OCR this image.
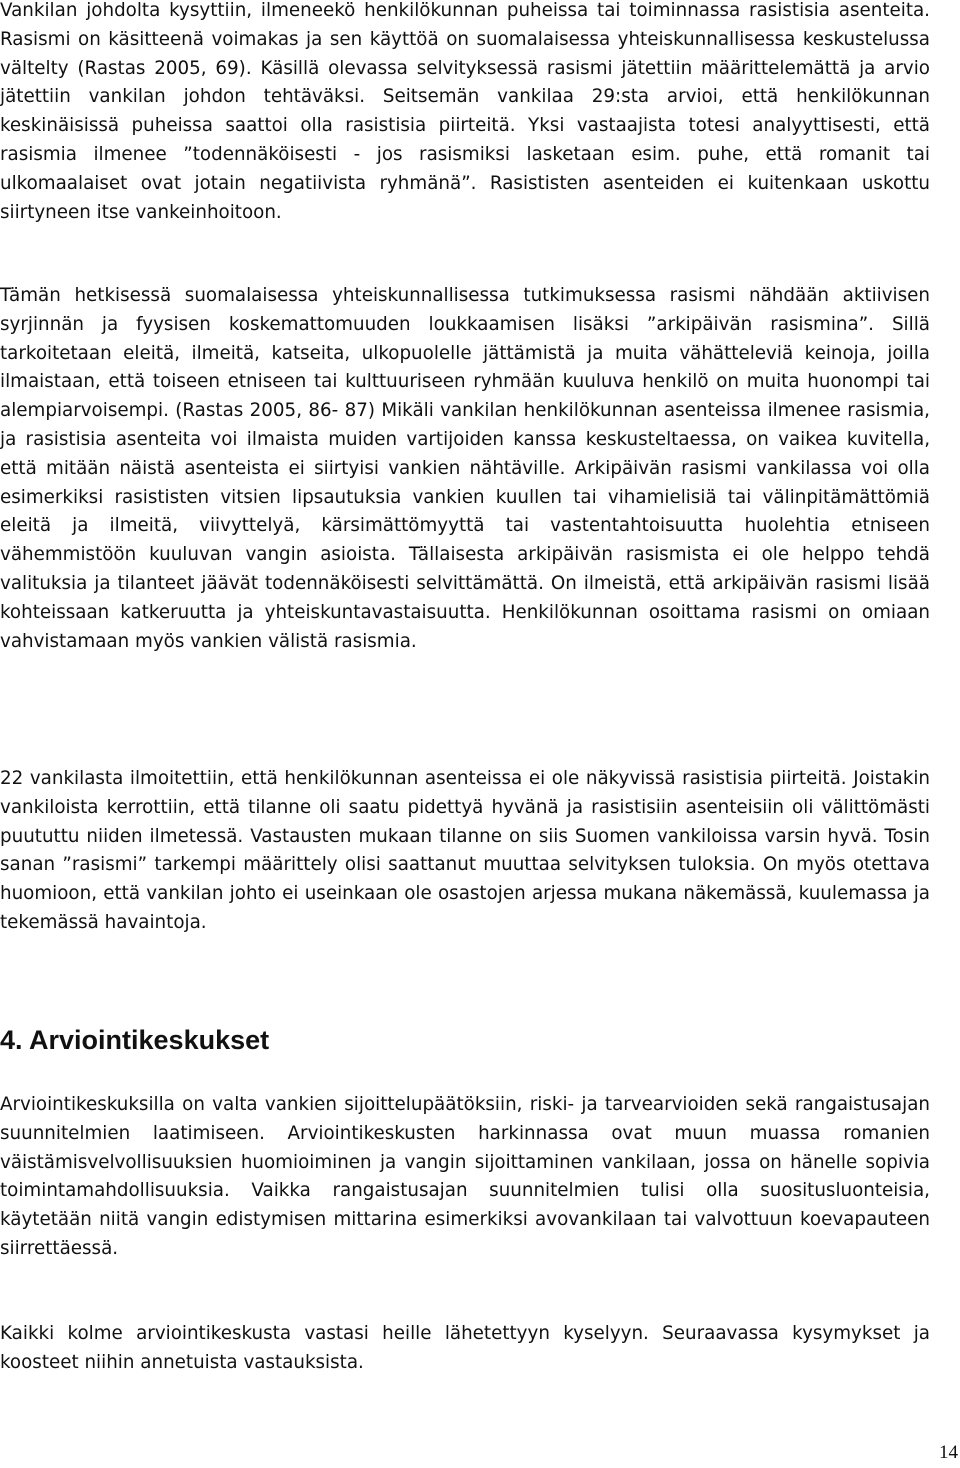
Vankilan johdolta kysyttiin, ilmeneekö henkilökunnan puheissa tai toiminnassa rasistisia asenteita. Rasismi on käsitteenä voimakas ja sen käyttöä on suomalaisessa yhteiskunnallisessa keskustelussa vältelty (Rastas 2005, 69). Käsillä olevassa selvityksessä rasismi jätettiin määrittelemättä ja arvio jätettiin vankilan johdon tehtäväksi. Seitsemän vankilaa 29:sta arvioi, että henkilökunnan keskinäisissä puheissa saattoi olla rasistisia piirteitä. Yksi vastaajista totesi analyyttisesti, että rasismia ilmenee ”todennäköisesti - jos rasismiksi lasketaan esim. puhe, että romanit tai ulkomaalaiset ovat jotain negatiivista ryhmänä”. Rasististen asenteiden ei kuitenkaan uskottu siirtyneen itse vankeinhoitoon.

Tämän hetkisessä suomalaisessa yhteiskunnallisessa tutkimuksessa rasismi nähdään aktiivisen syrjinnän ja fyysisen koskemattomuuden loukkaamisen lisäksi ”arkipäivän rasismina”. Sillä tarkoitetaan eleitä, ilmeitä, katseita, ulkopuolelle jättämistä ja muita vähätteleviä keinoja, joilla ilmaistaan, että toiseen etniseen tai kulttuuriseen ryhmään kuuluva henkilö on muita huonompi tai alempiarvoisempi. (Rastas 2005, 86- 87) Mikäli vankilan henkilökunnan asenteissa ilmenee rasismia, ja rasistisia asenteita voi ilmaista muiden vartijoiden kanssa keskusteltaessa, on vaikea kuvitella, että mitään näistä asenteista ei siirtyisi vankien nähtäville. Arkipäivän rasismi vankilassa voi olla esimerkiksi rasististen vitsien lipsautuksia vankien kuullen tai vihamielisiä tai välinpitämättömiä eleitä ja ilmeitä, viivyttelyä, kärsimättömyyttä tai vastentahtoisuutta huolehtia etniseen vähemmistöön kuuluvan vangin asioista. Tällaisesta arkipäivän rasismista ei ole helppo tehdä valituksia ja tilanteet jäävät todennäköisesti selvittämättä. On ilmeistä, että arkipäivän rasismi lisää kohteissaan katkeruutta ja yhteiskuntavastaisuutta. Henkilökunnan osoittama rasismi on omiaan vahvistamaan myös vankien välistä rasismia.

22 vankilasta ilmoitettiin, että henkilökunnan asenteissa ei ole näkyvissä rasistisia piirteitä. Joistakin vankiloista kerrottiin, että tilanne oli saatu pidettyä hyvänä ja rasistisiin asenteisiin oli välittömästi puututtu niiden ilmetessä. Vastausten mukaan tilanne on siis Suomen vankiloissa varsin hyvä. Tosin sanan ”rasismi” tarkempi määrittely olisi saattanut muuttaa selvityksen tuloksia. On myös otettava huomioon, että vankilan johto ei useinkaan ole osastojen arjessa mukana näkemässä, kuulemassa ja tekemässä havaintoja.

4. Arviointikeskukset

Arviointikeskuksilla on valta vankien sijoittelupäätöksiin, riski- ja tarvearvioiden sekä rangaistusajan suunnitelmien laatimiseen. Arviointikeskusten harkinnassa ovat muun muassa romanien väistämisvelvollisuuksien huomioiminen ja vangin sijoittaminen vankilaan, jossa on hänelle sopivia toimintamahdollisuuksia. Vaikka rangaistusajan suunnitelmien tulisi olla suositusluonteisia, käytetään niitä vangin edistymisen mittarina esimerkiksi avovankilaan tai valvottuun koevapauteen siirrettäessä.

Kaikki kolme arviointikeskusta vastasi heille lähetettyyn kyselyyn. Seuraavassa kysymykset ja koosteet niihin annetuista vastauksista.

14
